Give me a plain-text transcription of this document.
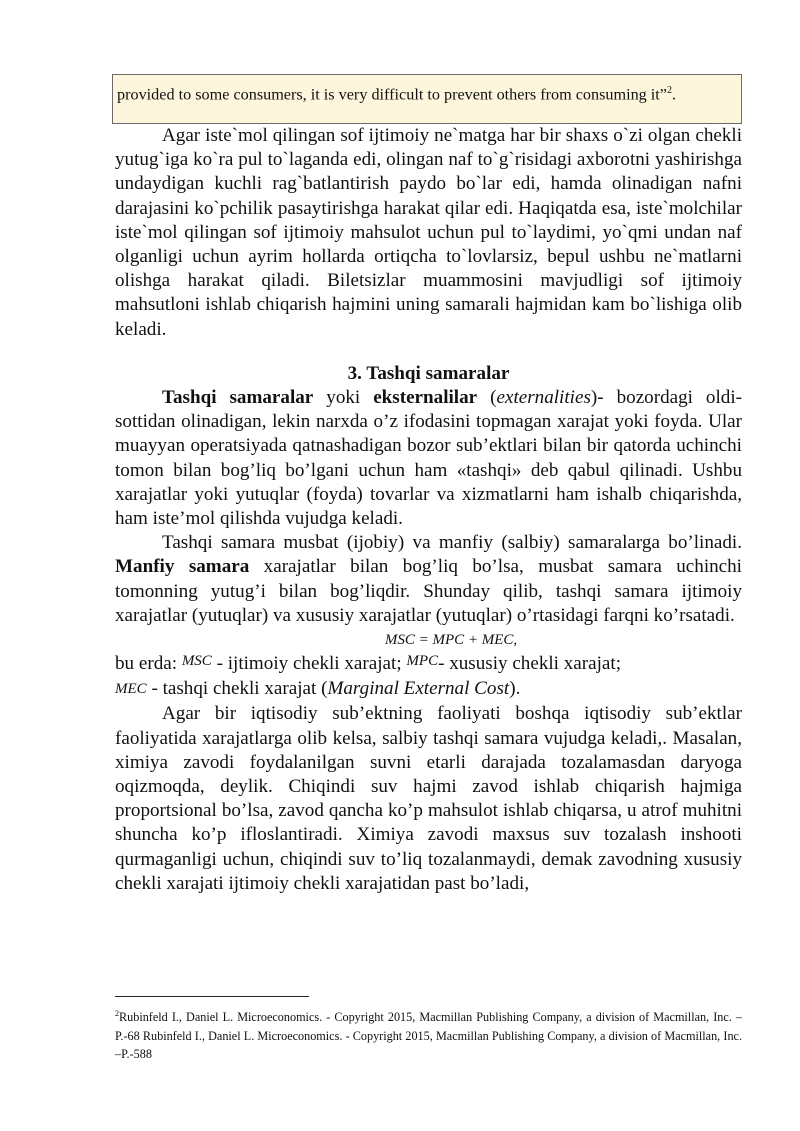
provided to some consumers, it is very difficult to prevent others from consuming it”$^2$.

Agar iste`mol qilingan sof ijtimoiy ne`matga har bir shaxs o`zi olgan chekli yutug`iga ko`ra pul to`laganda edi, olingan naf to`g`risidagi axborotni yashirishga undaydigan kuchli rag`batlantirish paydo bo`lar edi, hamda olinadigan nafni darajasini ko`pchilik pasaytirishga harakat qilar edi. Haqiqatda esa, iste`molchilar iste`mol qilingan sof ijtimoiy mahsulot uchun pul to`laydimi, yo`qmi undan naf olganligi uchun ayrim hollarda ortiqcha to`lovlarsiz, bepul ushbu ne`matlarni olishga harakat qiladi. Biletsizlar muammosini mavjudligi sof ijtimoiy mahsutloni ishlab chiqarish hajmini uning samarali hajmidan kam bo`lishiga olib keladi.

3. Tashqi samaralar

Tashqi samaralar yoki eksternalilar (externalities)- bozordagi oldi-sottidan olinadigan, lekin narxda o’z ifodasini topmagan xarajat yoki foyda. Ular muayyan operatsiyada qatnashadigan bozor sub’ektlari bilan bir qatorda uchinchi tomon bilan bog’liq bo’lgani uchun ham «tashqi» deb qabul qilinadi. Ushbu xarajatlar yoki yutuqlar (foyda) tovarlar va xizmatlarni ham ishalb chiqarishda, ham iste’mol qilishda vujudga keladi.

Tashqi samara musbat (ijobiy) va manfiy (salbiy) samaralarga bo’linadi. Manfiy samara xarajatlar bilan bog’liq bo’lsa, musbat samara uchinchi tomonning yutug’i bilan bog’liqdir. Shunday qilib, tashqi samara ijtimoiy xarajatlar (yutuqlar) va xususiy xarajatlar (yutuqlar) o’rtasidagi farqni ko’rsatadi.

MSC = MPC + MEC,

bu erda: $^{MSC}$ - ijtimoiy chekli xarajat; $^{MPC}$- xususiy chekli xarajat;
MEC - tashqi chekli xarajat (Marginal External Cost).

Agar bir iqtisodiy sub’ektning faoliyati boshqa iqtisodiy sub’ektlar faoliyatida xarajatlarga olib kelsa, salbiy tashqi samara vujudga keladi,. Masalan, ximiya zavodi foydalanilgan suvni etarli darajada tozalamasdan daryoga oqizmoqda, deylik. Chiqindi suv hajmi zavod ishlab chiqarish hajmiga proportsional bo’lsa, zavod qancha ko’p mahsulot ishlab chiqarsa, u atrof muhitni shuncha ko’p ifloslantiradi. Ximiya zavodi maxsus suv tozalash inshooti qurmaganligi uchun, chiqindi suv to’liq tozalanmaydi, demak zavodning xususiy chekli xarajati ijtimoiy chekli xarajatidan past bo’ladi,

$^2$Rubinfeld I., Daniel L. Microeconomics. - Copyright 2015, Macmillan Publishing Company, a division of Macmillan, Inc. –P.-68 Rubinfeld I., Daniel L. Microeconomics. - Copyright 2015, Macmillan Publishing Company, a division of Macmillan, Inc. –P.-588
